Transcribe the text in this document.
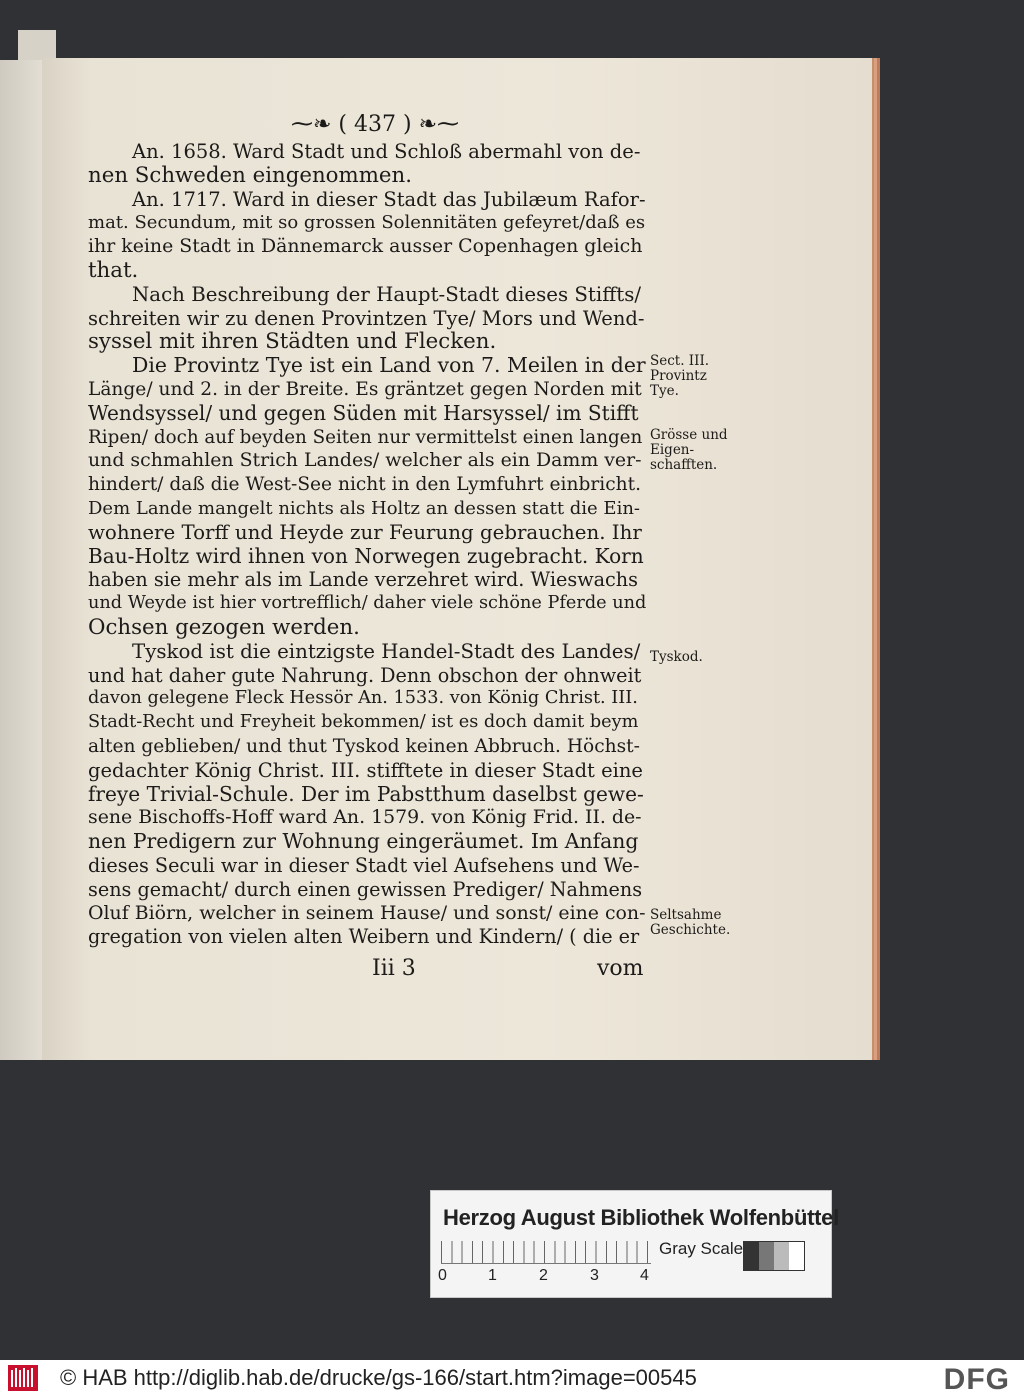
⁓❧ ( 437 ) ❧⁓
An. 1658. Ward Stadt und Schloß abermahl von de-
nen Schweden eingenommen.
An. 1717. Ward in dieser Stadt das Jubilæum Rafor-
mat. Secundum, mit so grossen Solennitäten gefeyret/daß es
ihr keine Stadt in Dännemarck ausser Copenhagen gleich
that.
Nach Beschreibung der Haupt-Stadt dieses Stiffts/
schreiten wir zu denen Provintzen Tye/ Mors und Wend-
syssel mit ihren Städten und Flecken.
Die Provintz Tye ist ein Land von 7. Meilen in der
Länge/ und 2. in der Breite. Es gräntzet gegen Norden mit
Wendsyssel/ und gegen Süden mit Harsyssel/ im Stifft
Ripen/ doch auf beyden Seiten nur vermittelst einen langen
und schmahlen Strich Landes/ welcher als ein Damm ver-
hindert/ daß die West-See nicht in den Lymfuhrt einbricht.
Dem Lande mangelt nichts als Holtz an dessen statt die Ein-
wohnere Torff und Heyde zur Feurung gebrauchen. Ihr
Bau-Holtz wird ihnen von Norwegen zugebracht. Korn
haben sie mehr als im Lande verzehret wird. Wieswachs
und Weyde ist hier vortrefflich/ daher viele schöne Pferde und
Ochsen gezogen werden.
Tyskod ist die eintzigste Handel-Stadt des Landes/
und hat daher gute Nahrung. Denn obschon der ohnweit
davon gelegene Fleck Hessör An. 1533. von König Christ. III.
Stadt-Recht und Freyheit bekommen/ ist es doch damit beym
alten geblieben/ und thut Tyskod keinen Abbruch. Höchst-
gedachter König Christ. III. stifftete in dieser Stadt eine
freye Trivial-Schule. Der im Pabstthum daselbst gewe-
sene Bischoffs-Hoff ward An. 1579. von König Frid. II. de-
nen Predigern zur Wohnung eingeräumet. Im Anfang
dieses Seculi war in dieser Stadt viel Aufsehens und We-
sens gemacht/ durch einen gewissen Prediger/ Nahmens
Oluf Biörn, welcher in seinem Hause/ und sonst/ eine con-
gregation von vielen alten Weibern und Kindern/ ( die er
Iii 3	vom
Sect. III.
Provintz
Tye.
Grösse und
Eigen-
schafften.
Tyskod.
Seltsahme
Geschichte.
Herzog August Bibliothek Wolfenbüttel
0	1	2	3	4
Gray Scale
© HAB http://diglib.hab.de/drucke/gs-166/start.htm?image=00545	DFG
